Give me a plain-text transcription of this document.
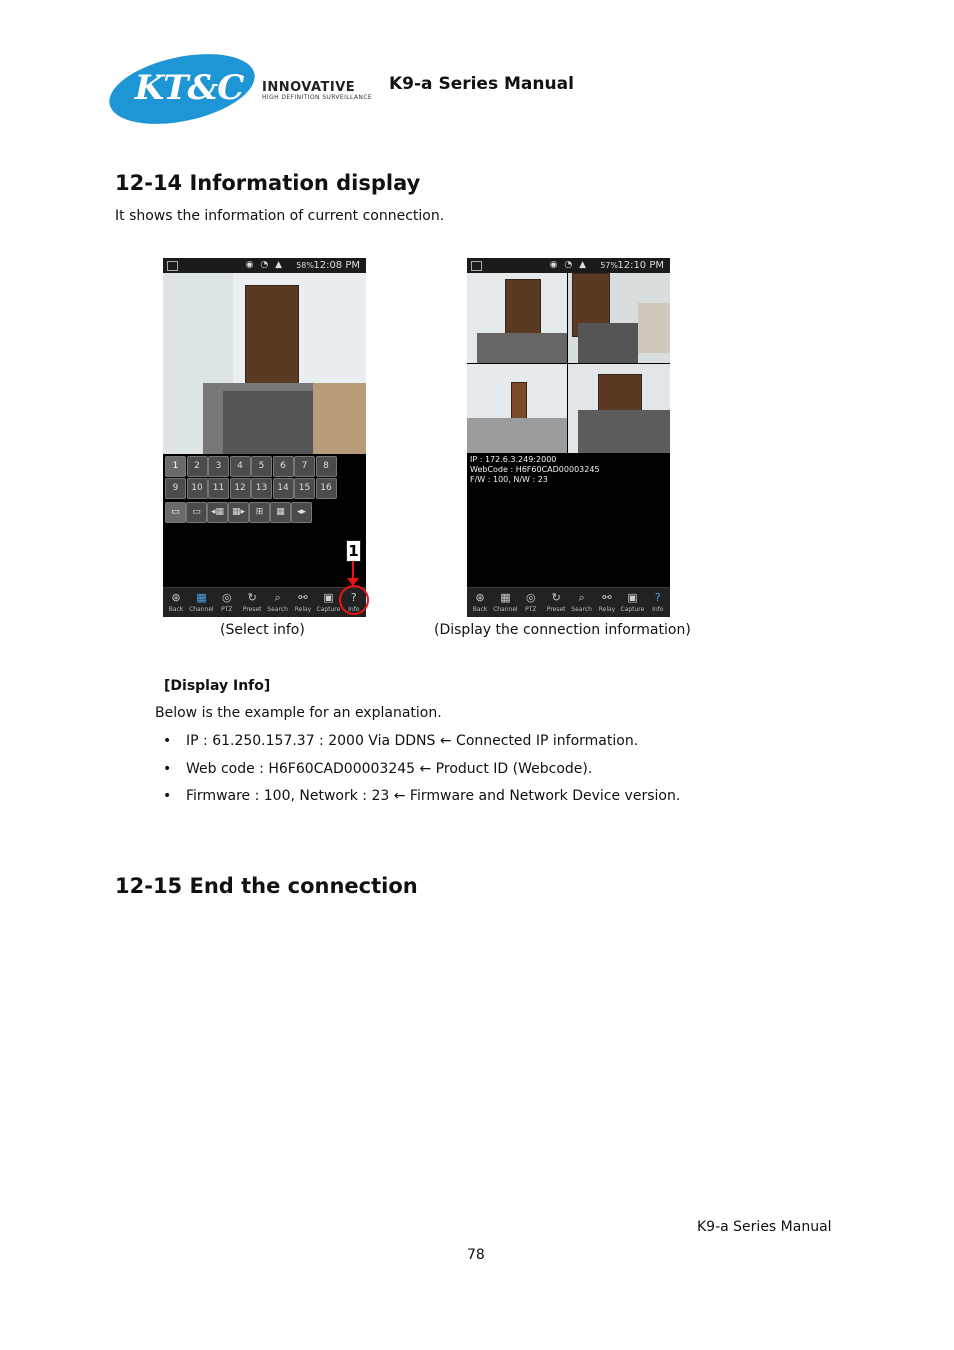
KT&C	INNOVATIVE
HIGH DEFINITION SURVEILLANCE
K9-a Series Manual
12-14 Information display
It shows the information of current connection.
◉ ◔ ▲ 58% 12:08 PM
1	2	3	4	5	6	7	8
9	10	11	12	13	14	15	16
▭	▭	◂▦ ▦▸	⊞	▦	◂▸
⊛
Back
▦
Channel
◎
PTZ
↻
Preset
⌕
Search
⚯
Relay
▣
Capture
?
Info
1
◉ ◔ ▲ 57% 12:10 PM
IP : 172.6.3.249:2000
WebCode : H6F60CAD00003245
F/W : 100, N/W : 23
⊛
Back
▦
Channel
◎
PTZ
↻
Preset
⌕
Search
⚯
Relay
▣
Capture
?
Info
(Select info)	(Display the connection information)
[Display Info]
Below is the example for an explanation.
• IP : 61.250.157.37 : 2000 Via DDNS ← Connected IP information.
• Web code : H6F60CAD00003245 ← Product ID (Webcode).
• Firmware : 100, Network : 23 ← Firmware and Network Device version.
12-15 End the connection
K9-a Series Manual
78
